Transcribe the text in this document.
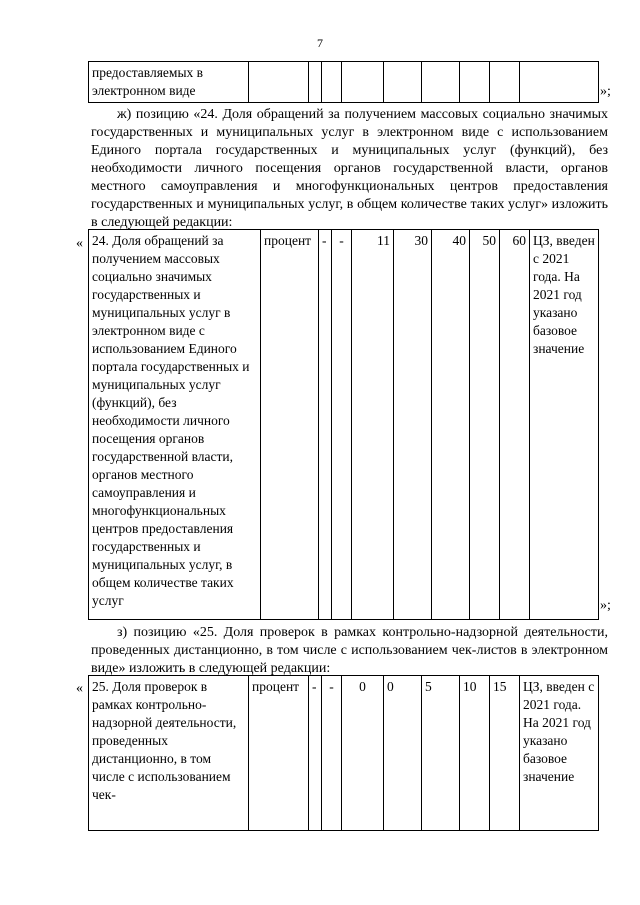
7
предоставляемых в электронном виде										»;

ж) позицию «24. Доля обращений за получением массовых социально значимых государственных и муниципальных услуг в электронном виде с использованием Единого портала государственных и муниципальных услуг (функций), без необходимости личного посещения органов государственной власти, органов местного самоуправления и многофункциональных центров предоставления государственных и муниципальных услуг, в общем количестве таких услуг» изложить в следующей редакции:

« 24. Доля обращений за получением массовых социально значимых государственных и муниципальных услуг в электронном виде с использованием Единого портала государственных и муниципальных услуг (функций), без необходимости личного посещения органов государственной власти, органов местного самоуправления и многофункциональных центров предоставления государственных и муниципальных услуг, в общем количестве таких услуг	процент	-	-	11	30	40	50	60	ЦЗ, введен с 2021 года. На 2021 год указано базовое значение
»;

з) позицию «25. Доля проверок в рамках контрольно-надзорной деятельности, проведенных дистанционно, в том числе с использованием чек-листов в электронном виде» изложить в следующей редакции:

« 25. Доля проверок в рамках контрольно-надзорной деятельности, проведенных дистанционно, в том числе с использованием чек-	процент	-	-	0	0	5	10	15	ЦЗ, введен с 2021 года. На 2021 год указано базовое значение
